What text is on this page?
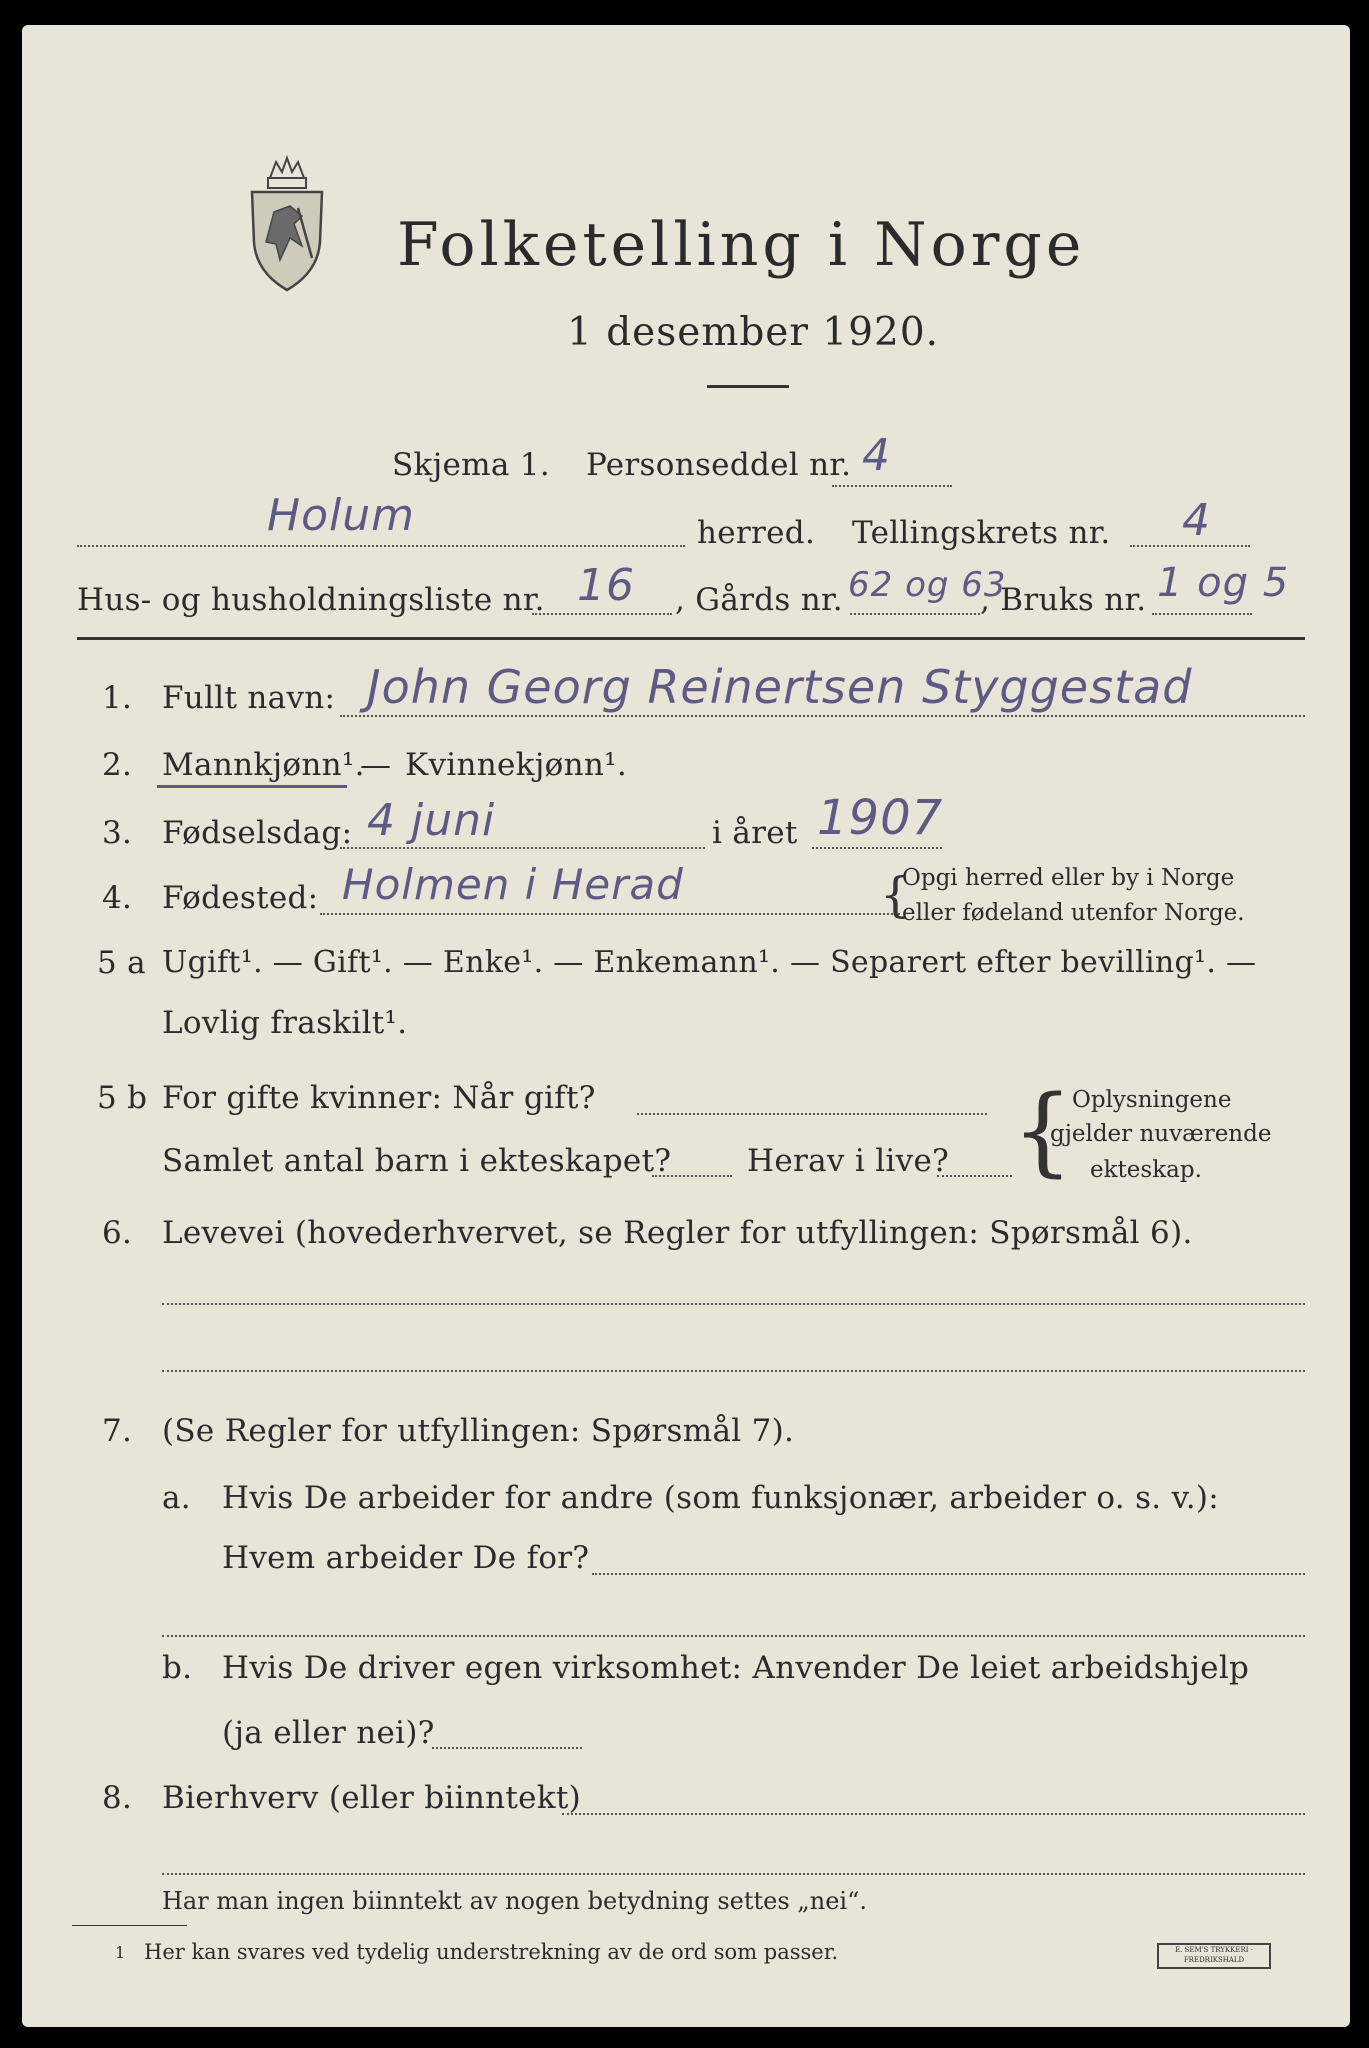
Folketelling i Norge
1 desember 1920.
Skjema 1. Personseddel nr. 4
Holum	herred. Tellingskrets nr. 4
Hus- og husholdningsliste nr. 16 , Gårds nr. 62 og 63
, Bruks nr. 1 og 5
1. Fullt navn: John Georg Reinertsen Styggestad
2. Mannkjønn¹.
— Kvinnekjønn¹.
3. Fødselsdag: 4 juni	i året 1907
4. Fødested: Holmen i Herad	{
Opgi herred eller by i Norge
eller fødeland utenfor Norge.
5 a Ugift¹. — Gift¹. — Enke¹. — Enkemann¹. — Separert efter bevilling¹. —
Lovlig fraskilt¹.
5 b For gifte kvinner: Når gift?
Samlet antal barn i ekteskapet? Herav i live? {
Oplysningene
gjelder nuværende
ekteskap.
6. Levevei (hovederhvervet, se Regler for utfyllingen: Spørsmål 6).
7. (Se Regler for utfyllingen: Spørsmål 7).
a. Hvis De arbeider for andre (som funksjonær, arbeider o. s. v.):
Hvem arbeider De for?
b. Hvis De driver egen virksomhet: Anvender De leiet arbeidshjelp
(ja eller nei)?
8. Bierhverv (eller biinntekt)
Har man ingen biinntekt av nogen betydning settes „nei“.
1 Her kan svares ved tydelig understrekning av de ord som passer.	E. SEM'S TRYKKERI · FREDRIKSHALD
